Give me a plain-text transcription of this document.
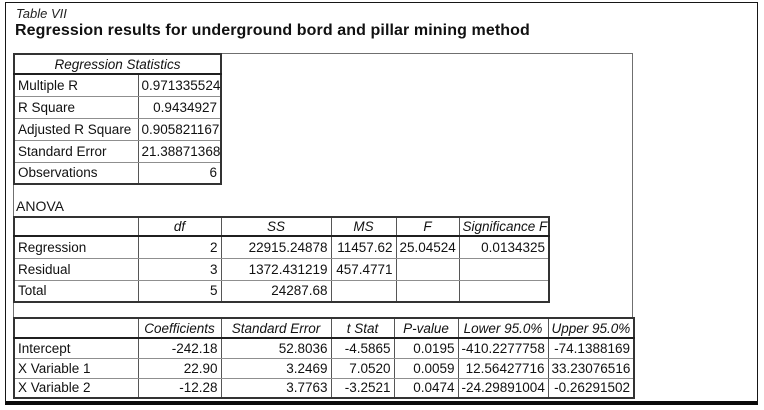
Table VII
Regression results for underground bord and pillar mining method
Regression Statistics	
Multiple R	0.971335524
R Square	0.9434927
Adjusted R Square	0.905821167
Standard Error	21.38871368
Observations	6
ANOVA
	df	SS	MS	F	Significance F
Regression	2	22915.24878	11457.62	25.04524	0.0134325
Residual	3	1372.431219	457.4771		
Total	5	24287.68			
	Coefficients	Standard Error	t Stat	P-value	Lower 95.0%	Upper 95.0%
Intercept	-242.18	52.8036	-4.5865	0.0195	-410.2277758	-74.1388169
X Variable 1	22.90	3.2469	7.0520	0.0059	12.56427716	33.23076516
X Variable 2	-12.28	3.7763	-3.2521	0.0474	-24.29891004	-0.26291502
